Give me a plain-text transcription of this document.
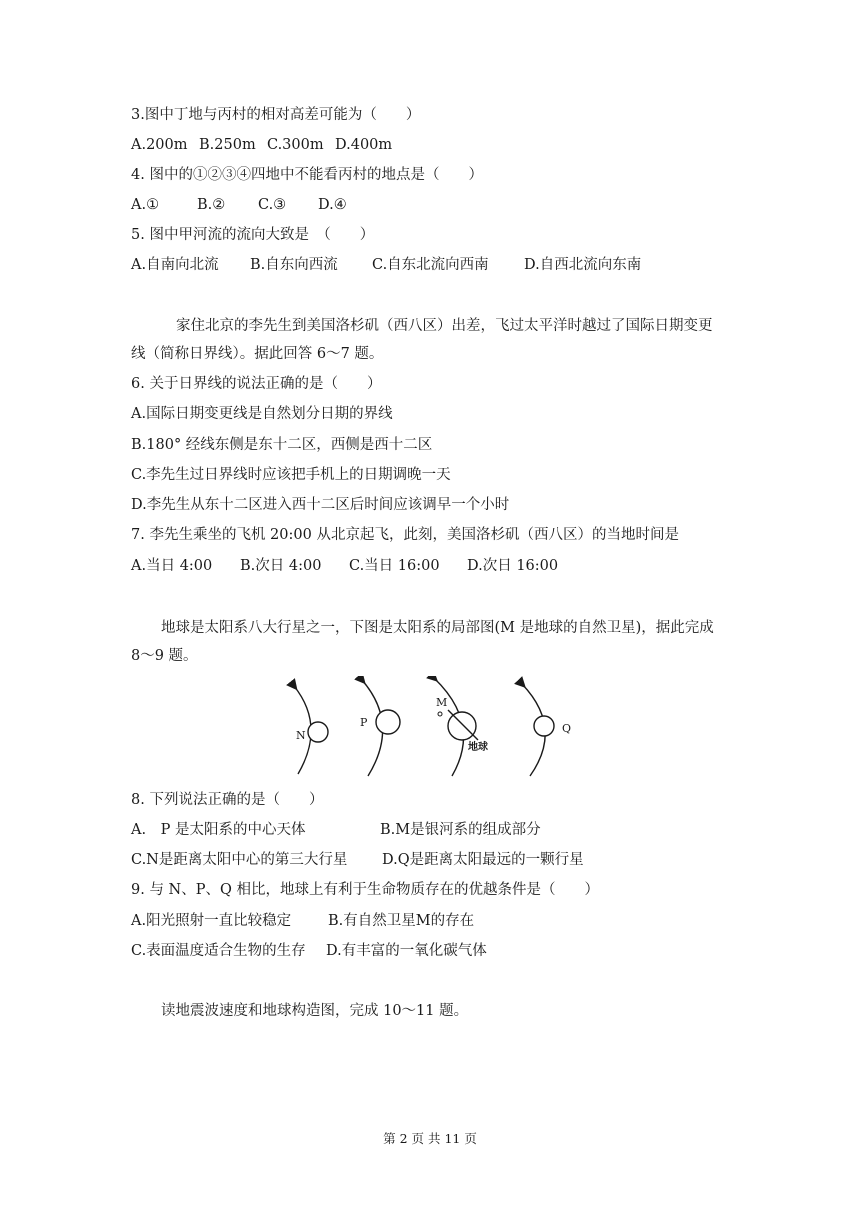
3.图中丁地与丙村的相对高差可能为（　　）
A.200m B.250m C.300m D.400m
4. 图中的①②③④四地中不能看丙村的地点是（　　）
A.①	B.② C.③ D.④
5. 图中甲河流的流向大致是　（　　）
A.自南向北流 B.自东向西流 C.自东北流向西南 D.自西北流向东南
家住北京的李先生到美国洛杉矶（西八区）出差，飞过太平洋时越过了国际日期变更
线（简称日界线）。据此回答 6～7 题。
6. 关于日界线的说法正确的是（　　）
A.国际日期变更线是自然划分日期的界线
B.180° 经线东侧是东十二区，西侧是西十二区
C.李先生过日界线时应该把手机上的日期调晚一天
D.李先生从东十二区进入西十二区后时间应该调早一个小时
7. 李先生乘坐的飞机 20:00 从北京起飞，此刻，美国洛杉矶（西八区）的当地时间是
A.当日 4:00 B.次日 4:00 C.当日 16:00 D.次日 16:00
地球是太阳系八大行星之一，下图是太阳系的局部图(M 是地球的自然卫星)，据此完成
8～9 题。
N
P
M
地球
Q
8. 下列说法正确的是（　　）
A.　P 是太阳系的中心天体	B.M是银河系的组成部分
C.N是距离太阳中心的第三大行星 D.Q是距离太阳最远的一颗行星
9. 与 N、P、Q 相比，地球上有利于生命物质存在的优越条件是（　　）
A.阳光照射一直比较稳定	B.有自然卫星M的存在
C.表面温度适合生物的生存 D.有丰富的一氧化碳气体
读地震波速度和地球构造图，完成 10～11 题。
第 2 页 共 11 页
